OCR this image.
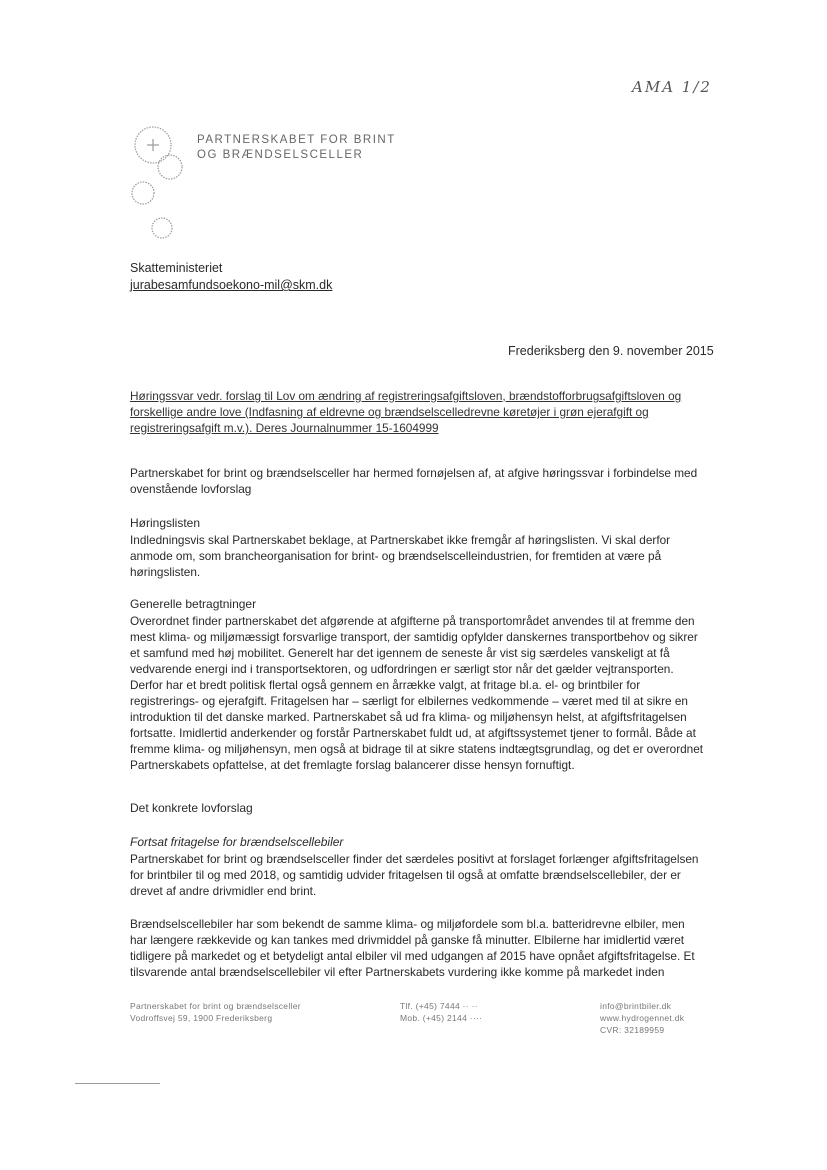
AMA 1/2
PARTNERSKABET FOR BRINT
OG BRÆNDSELSCELLER
Skatteministeriet
jurabesamfundsoekono-mil@skm.dk
Frederiksberg den 9. november 2015
Høringssvar vedr. forslag til Lov om ændring af registreringsafgiftsloven, brændstofforbrugsafgiftsloven og forskellige andre love (Indfasning af eldrevne og brændselscelledrevne køretøjer i grøn ejerafgift og registreringsafgift m.v.). Deres Journalnummer 15-1604999
Partnerskabet for brint og brændselsceller har hermed fornøjelsen af, at afgive høringssvar i forbindelse med ovenstående lovforslag
Høringslisten
Indledningsvis skal Partnerskabet beklage, at Partnerskabet ikke fremgår af høringslisten. Vi skal derfor anmode om, som brancheorganisation for brint- og brændselscelleindustrien, for fremtiden at være på høringslisten.
Generelle betragtninger
Overordnet finder partnerskabet det afgørende at afgifterne på transportområdet anvendes til at fremme den mest klima- og miljømæssigt forsvarlige transport, der samtidig opfylder danskernes transportbehov og sikrer et samfund med høj mobilitet. Generelt har det igennem de seneste år vist sig særdeles vanskeligt at få vedvarende energi ind i transportsektoren, og udfordringen er særligt stor når det gælder vejtransporten. Derfor har et bredt politisk flertal også gennem en årrække valgt, at fritage bl.a. el- og brintbiler for registrerings- og ejerafgift. Fritagelsen har – særligt for elbilernes vedkommende – været med til at sikre en introduktion til det danske marked. Partnerskabet så ud fra klima- og miljøhensyn helst, at afgiftsfritagelsen fortsatte. Imidlertid anderkender og forstår Partnerskabet fuldt ud, at afgiftssystemet tjener to formål. Både at fremme klima- og miljøhensyn, men også at bidrage til at sikre statens indtægtsgrundlag, og det er overordnet Partnerskabets opfattelse, at det fremlagte forslag balancerer disse hensyn fornuftigt.
Det konkrete lovforslag
Fortsat fritagelse for brændselscellebiler
Partnerskabet for brint og brændselsceller finder det særdeles positivt at forslaget forlænger afgiftsfritagelsen for brintbiler til og med 2018, og samtidig udvider fritagelsen til også at omfatte brændselscellebiler, der er drevet af andre drivmidler end brint.
Brændselscellebiler har som bekendt de samme klima- og miljøfordele som bl.a. batteridrevne elbiler, men har længere rækkevide og kan tankes med drivmiddel på ganske få minutter. Elbilerne har imidlertid været tidligere på markedet og et betydeligt antal elbiler vil med udgangen af 2015 have opnået afgiftsfritagelse. Et tilsvarende antal brændselscellebiler vil efter Partnerskabets vurdering ikke komme på markedet inden
Partnerskabet for brint og brændselsceller
Vodroffsvej 59, 1900 Frederiksberg
Tlf. (+45) 7444 ·· ··
Mob. (+45) 2144 ····
info@brintbiler.dk
www.hydrogennet.dk
CVR: 32189959
